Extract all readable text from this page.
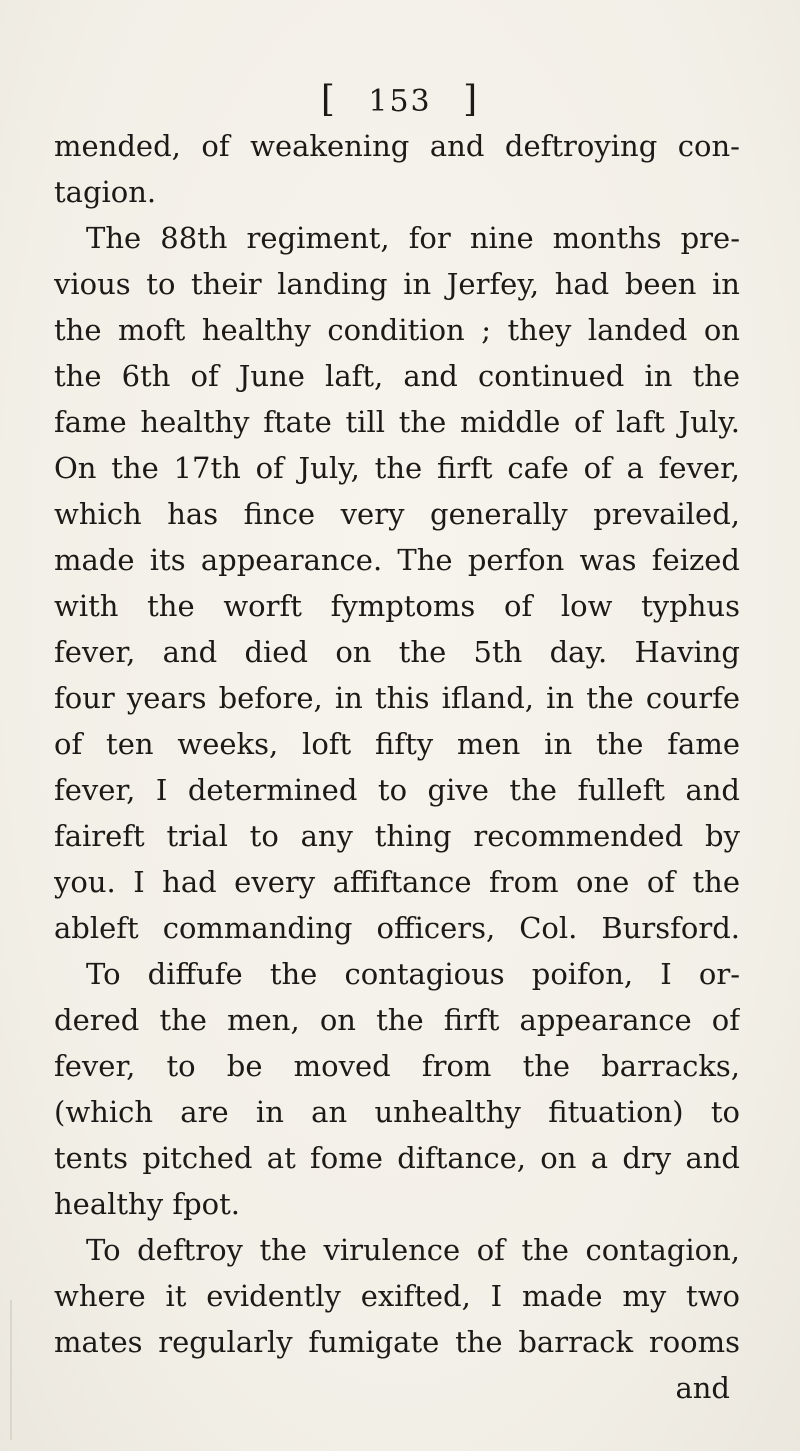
[ 153 ]
mended, of weakening and deftroying con-
tagion.
The 88th regiment, for nine months pre-
vious to their landing in Jerfey, had been in
the moft healthy condition ; they landed on
the 6th of June laft, and continued in the
fame healthy ftate till the middle of laft July.
On the 17th of July, the firft cafe of a fever,
which has fince very generally prevailed,
made its appearance. The perfon was feized
with the worft fymptoms of low typhus
fever, and died on the 5th day. Having
four years before, in this ifland, in the courfe
of ten weeks, loft fifty men in the fame
fever, I determined to give the fulleft and
faireft trial to any thing recommended by
you. I had every affiftance from one of the
ableft commanding officers, Col. Bursford.
To diffufe the contagious poifon, I or-
dered the men, on the firft appearance of
fever, to be moved from the barracks,
(which are in an unhealthy fituation) to
tents pitched at fome diftance, on a dry and
healthy fpot.
To deftroy the virulence of the contagion,
where it evidently exifted, I made my two
mates regularly fumigate the barrack rooms
and
